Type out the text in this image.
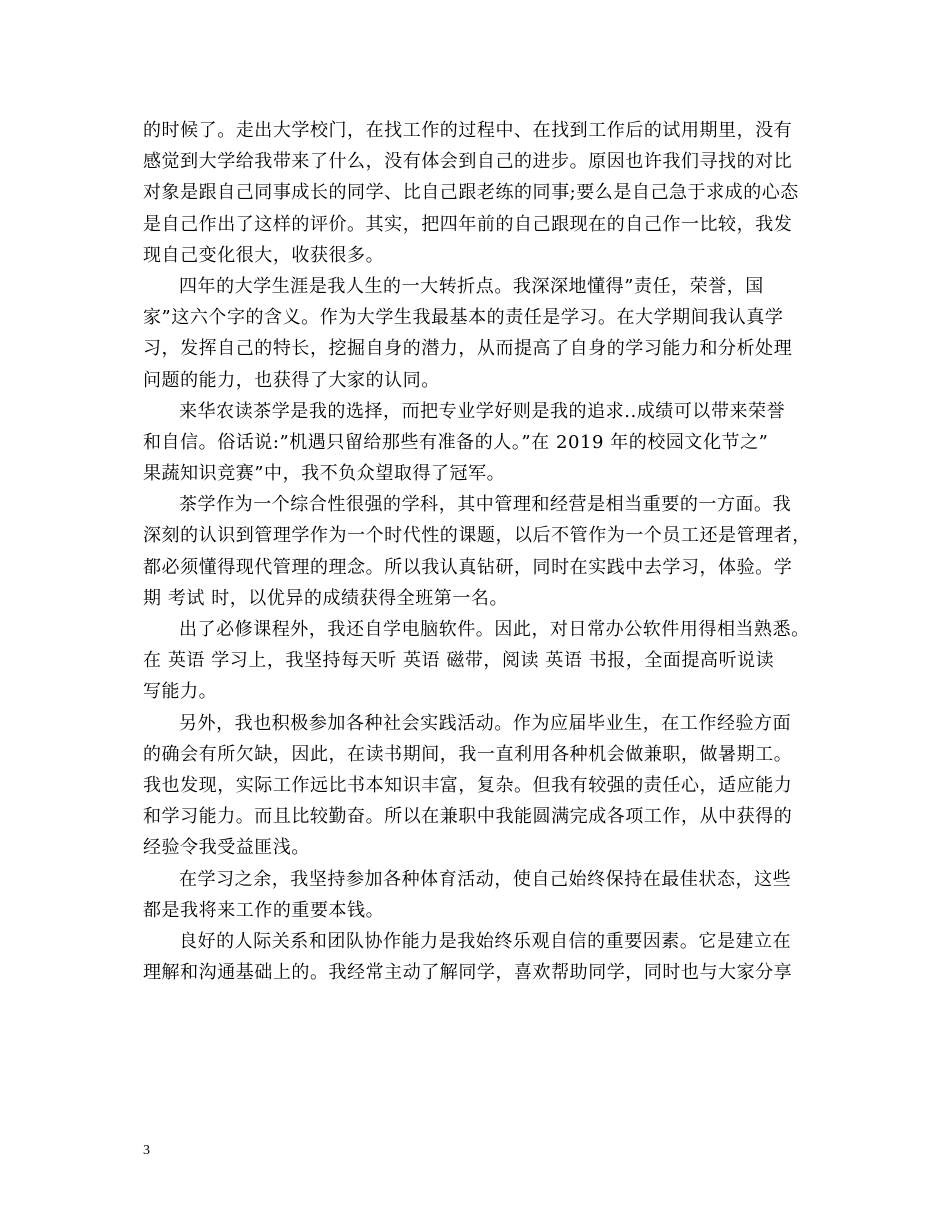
的时候了。走出大学校门，在找工作的过程中、在找到工作后的试用期里，没有
感觉到大学给我带来了什么，没有体会到自己的进步。原因也许我们寻找的对比
对象是跟自己同事成长的同学、比自己跟老练的同事;要么是自己急于求成的心态
是自己作出了这样的评价。其实，把四年前的自己跟现在的自己作一比较，我发
现自己变化很大，收获很多。
四年的大学生涯是我人生的一大转折点。我深深地懂得”责任，荣誉，国
家”这六个字的含义。作为大学生我最基本的责任是学习。在大学期间我认真学
习，发挥自己的特长，挖掘自身的潜力，从而提高了自身的学习能力和分析处理
问题的能力，也获得了大家的认同。
来华农读茶学是我的选择，而把专业学好则是我的追求..成绩可以带来荣誉
和自信。俗话说:”机遇只留给那些有准备的人。”在 2019 年的校园文化节之”
果蔬知识竞赛”中，我不负众望取得了冠军。
茶学作为一个综合性很强的学科，其中管理和经营是相当重要的一方面。我
深刻的认识到管理学作为一个时代性的课题，以后不管作为一个员工还是管理者，
都必须懂得现代管理的理念。所以我认真钻研，同时在实践中去学习，体验。学
期 考试 时，以优异的成绩获得全班第一名。
出了必修课程外，我还自学电脑软件。因此，对日常办公软件用得相当熟悉。
在 英语 学习上，我坚持每天听 英语 磁带，阅读 英语 书报，全面提高听说读
写能力。
另外，我也积极参加各种社会实践活动。作为应届毕业生，在工作经验方面
的确会有所欠缺，因此，在读书期间，我一直利用各种机会做兼职，做暑期工。
我也发现，实际工作远比书本知识丰富，复杂。但我有较强的责任心，适应能力
和学习能力。而且比较勤奋。所以在兼职中我能圆满完成各项工作，从中获得的
经验令我受益匪浅。
在学习之余，我坚持参加各种体育活动，使自己始终保持在最佳状态，这些
都是我将来工作的重要本钱。
良好的人际关系和团队协作能力是我始终乐观自信的重要因素。它是建立在
理解和沟通基础上的。我经常主动了解同学，喜欢帮助同学，同时也与大家分享
3
